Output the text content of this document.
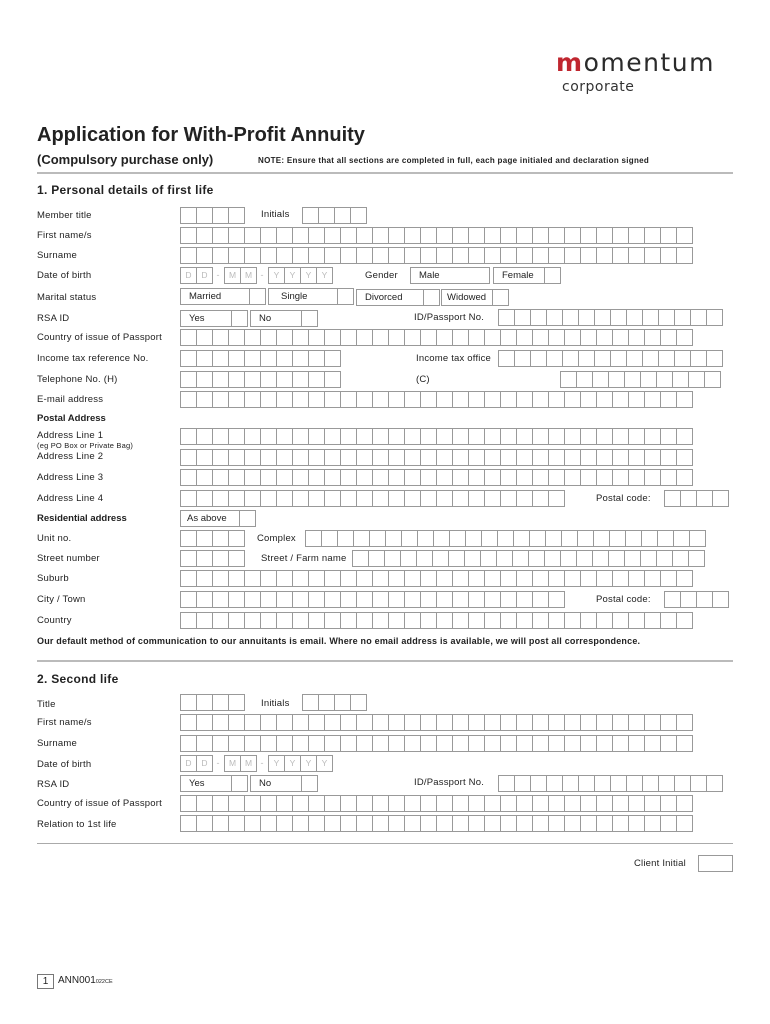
momentum
corporate
Application for With-Profit Annuity
(Compulsory purchase only)	NOTE: Ensure that all sections are completed in full, each page initialed and declaration signed
1. Personal details of first life
Member title	Initials
First name/s
Surname
Date of birth	D	D -	M	M -	Y	Y	Y	Y	Gender	Male	Female
Marital status	Married	Single	Divorced	Widowed
RSA ID	Yes	No	ID/Passport No.
Country of issue of Passport
Income tax reference No.	Income tax office
Telephone No. (H)	(C)
E-mail address
Postal Address
Address Line 1
(eg PO Box or Private Bag)
Address Line 2
Address Line 3
Address Line 4	Postal code:
Residential address	As above
Unit no.	Complex
Street number	Street / Farm name
Suburb
City / Town	Postal code:
Country
Our default method of communication to our annuitants is email. Where no email address is available, we will post all correspondence.
2. Second life
Title	Initials
First name/s
Surname
Date of birth	D	D -	M	M -	Y	Y	Y	Y
RSA ID	Yes	No	ID/Passport No.
Country of issue of Passport
Relation to 1st life
Client Initial
1 ANN001022CE
